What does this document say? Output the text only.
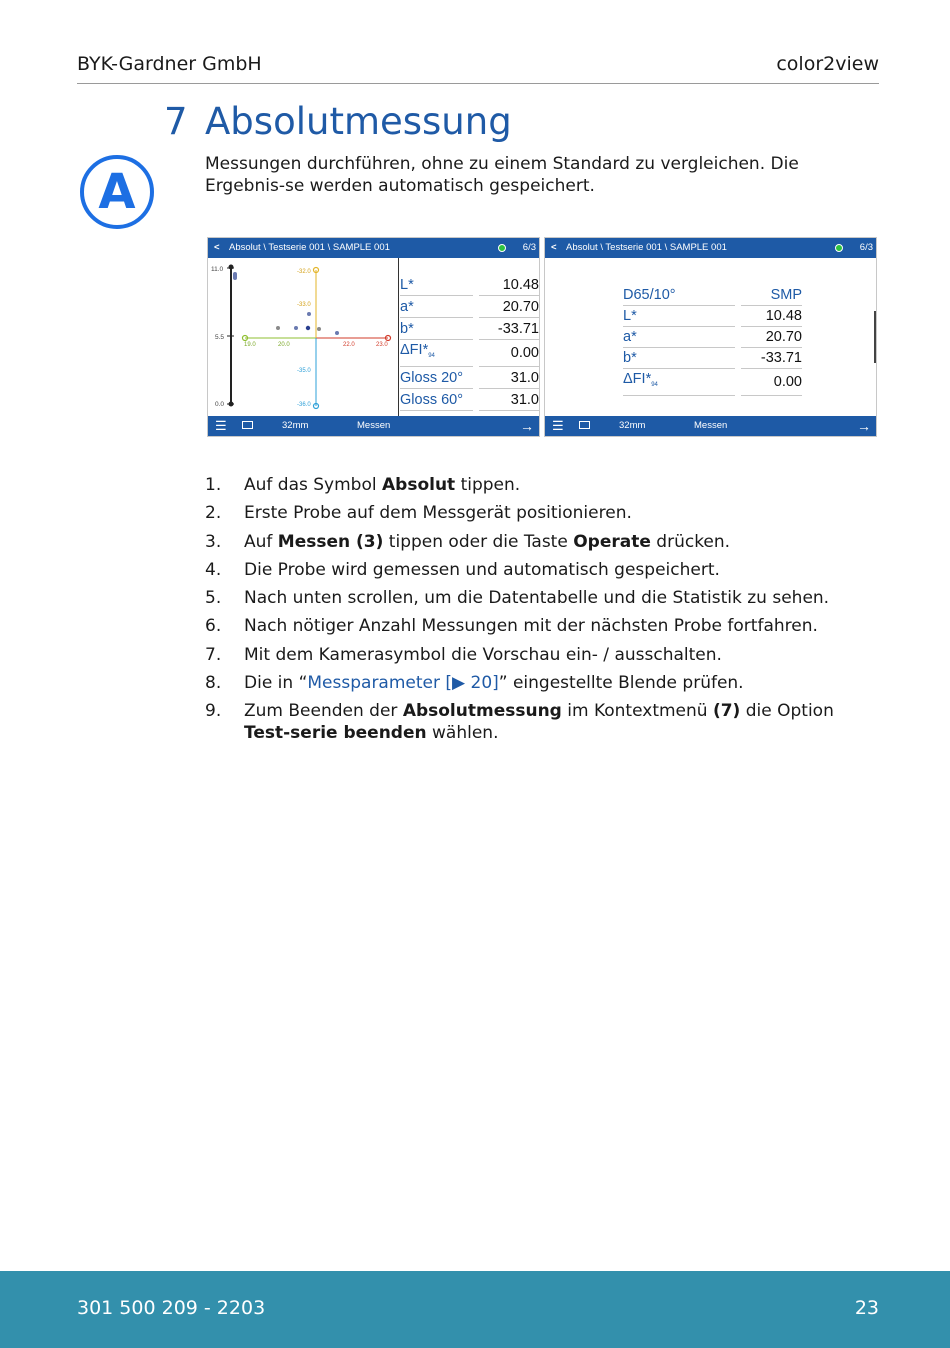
BYK-Gardner GmbH	color2view
7 Absolutmessung
A	Messungen durchführen, ohne zu einem Standard zu vergleichen. Die Ergebnis-se werden automatisch gespeichert.
< Absolut \ Testserie 001 \ SAMPLE 001	6/3
11.0
5.5
0.0
19.0	20.0	22.0	23.0
-32.0
-33.0
-35.0
-36.0
L*		10.48
a*		20.70
b*		-33.71
$\Delta FI*_{94}$		0.00
Gloss 20°		31.0
Gloss 60°		31.0
☰	32mm	Messen	→
< Absolut \ Testserie 001 \ SAMPLE 001	6/3
D65/10°		SMP
L*		10.48
a*		20.70
b*		-33.71
$\Delta FI*_{94}$		0.00
☰	32mm	Messen	→
1. Auf das Symbol Absolut tippen.
2. Erste Probe auf dem Messgerät positionieren.
3. Auf Messen (3) tippen oder die Taste Operate drücken.
4. Die Probe wird gemessen und automatisch gespeichert.
5. Nach unten scrollen, um die Datentabelle und die Statistik zu sehen.
6. Nach nötiger Anzahl Messungen mit der nächsten Probe fortfahren.
7. Mit dem Kamerasymbol die Vorschau ein- / ausschalten.
8. Die in “Messparameter [▶ 20]” eingestellte Blende prüfen.
9. Zum Beenden der Absolutmessung im Kontextmenü (7) die Option Test-serie beenden wählen.
301 500 209 - 2203	23
